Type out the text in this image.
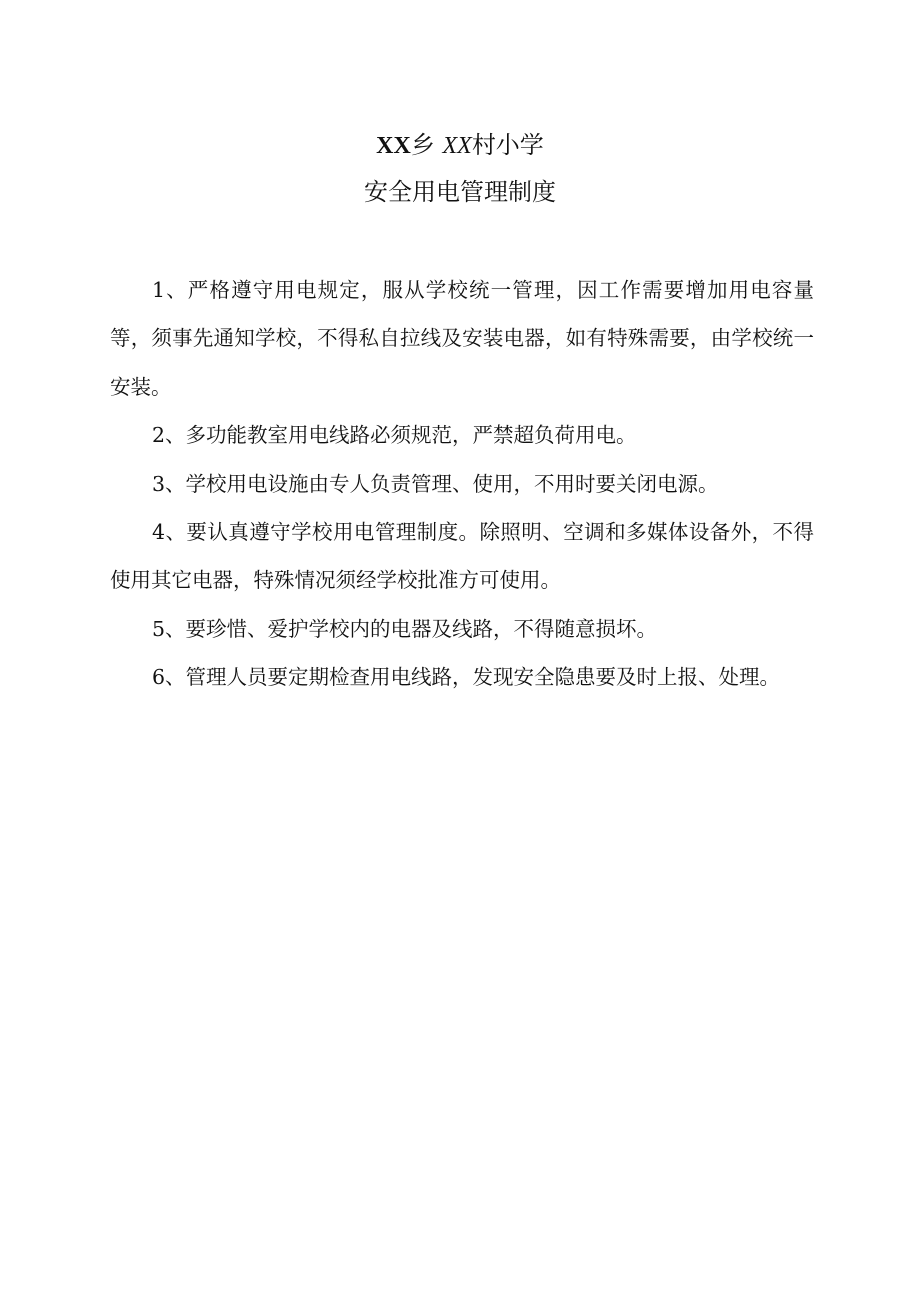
XX乡 XX村小学
安全用电管理制度

1、严格遵守用电规定，服从学校统一管理，因工作需要增加用电容量等，须事先通知学校，不得私自拉线及安装电器，如有特殊需要，由学校统一安装。

2、多功能教室用电线路必须规范，严禁超负荷用电。

3、学校用电设施由专人负责管理、使用，不用时要关闭电源。

4、要认真遵守学校用电管理制度。除照明、空调和多媒体设备外，不得使用其它电器，特殊情况须经学校批准方可使用。

5、要珍惜、爱护学校内的电器及线路，不得随意损坏。

6、管理人员要定期检查用电线路，发现安全隐患要及时上报、处理。
